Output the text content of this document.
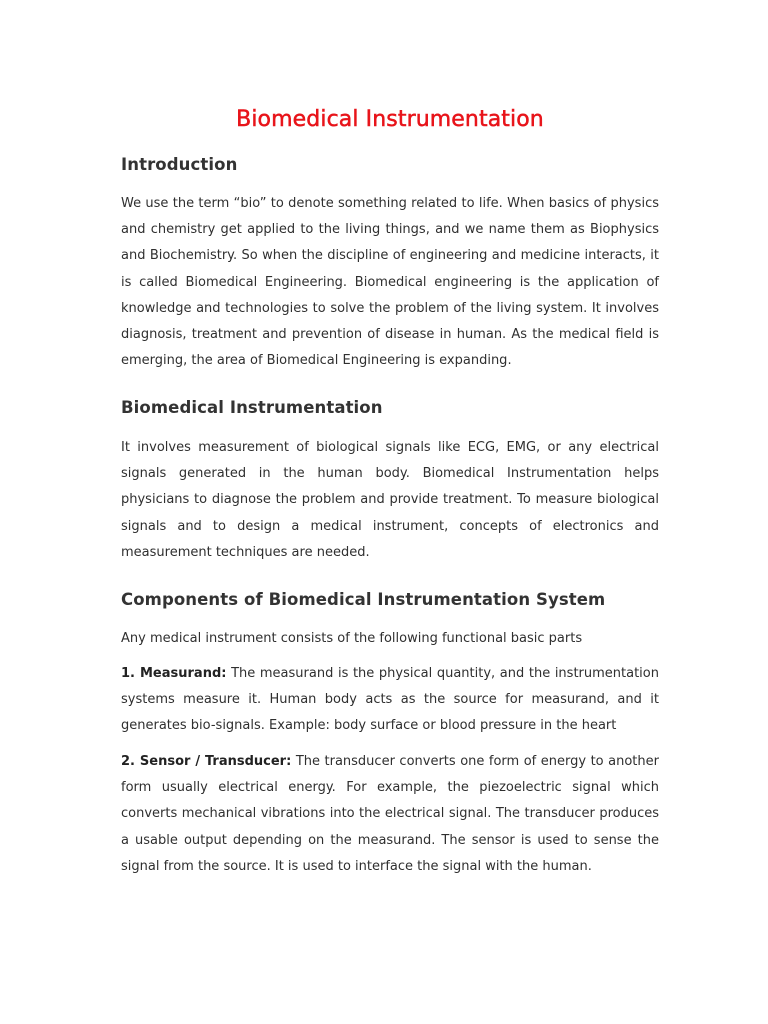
Biomedical Instrumentation
Introduction

We use the term “bio” to denote something related to life. When basics of physics and chemistry get applied to the living things, and we name them as Biophysics and Biochemistry. So when the discipline of engineering and medicine interacts, it is called Biomedical Engineering. Biomedical engineering is the application of knowledge and technologies to solve the problem of the living system. It involves diagnosis, treatment and prevention of disease in human. As the medical field is emerging, the area of Biomedical Engineering is expanding.

Biomedical Instrumentation

It involves measurement of biological signals like ECG, EMG, or any electrical signals generated in the human body. Biomedical Instrumentation helps physicians to diagnose the problem and provide treatment. To measure biological signals and to design a medical instrument, concepts of electronics and measurement techniques are needed.

Components of Biomedical Instrumentation System

Any medical instrument consists of the following functional basic parts

1. Measurand: The measurand is the physical quantity, and the instrumentation systems measure it. Human body acts as the source for measurand, and it generates bio-signals. Example: body surface or blood pressure in the heart

2. Sensor / Transducer: The transducer converts one form of energy to another form usually electrical energy. For example, the piezoelectric signal which converts mechanical vibrations into the electrical signal. The transducer produces a usable output depending on the measurand. The sensor is used to sense the signal from the source. It is used to interface the signal with the human.
